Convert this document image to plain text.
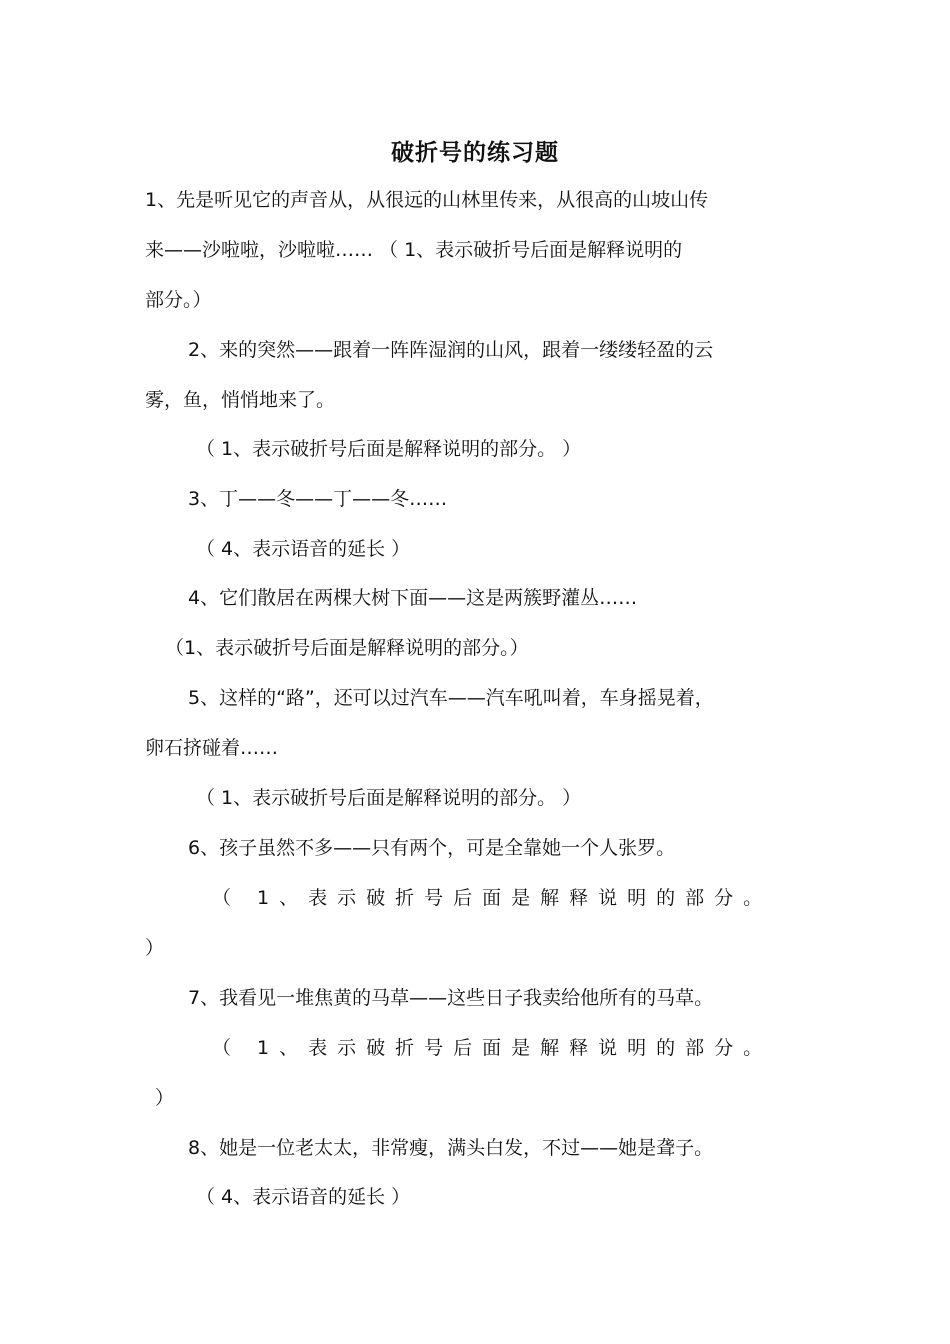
破折号的练习题
1、先是听见它的声音从，从很远的山林里传来，从很高的山坡山传
来——沙啦啦，沙啦啦…… （ 1、表示破折号后面是解释说明的
部分。）
2、来的突然——跟着一阵阵湿润的山风，跟着一缕缕轻盈的云
雾，鱼，悄悄地来了。
（ 1、表示破折号后面是解释说明的部分。 ）
3、丁——冬——丁——冬……
（ 4、表示语音的延长 ）
4、它们散居在两棵大树下面——这是两簇野灌丛……
（1、表示破折号后面是解释说明的部分。）
5、这样的“路”，还可以过汽车——汽车吼叫着，车身摇晃着，
卵石挤碰着……
（ 1、表示破折号后面是解释说明的部分。 ）
6、孩子虽然不多——只有两个，可是全靠她一个人张罗。
（ 1、表示破折号后面是解释说明的部分。
）
7、我看见一堆焦黄的马草——这些日子我卖给他所有的马草。
（ 1、表示破折号后面是解释说明的部分。
）
8、她是一位老太太，非常瘦，满头白发，不过——她是聋子。
（ 4、表示语音的延长 ）
